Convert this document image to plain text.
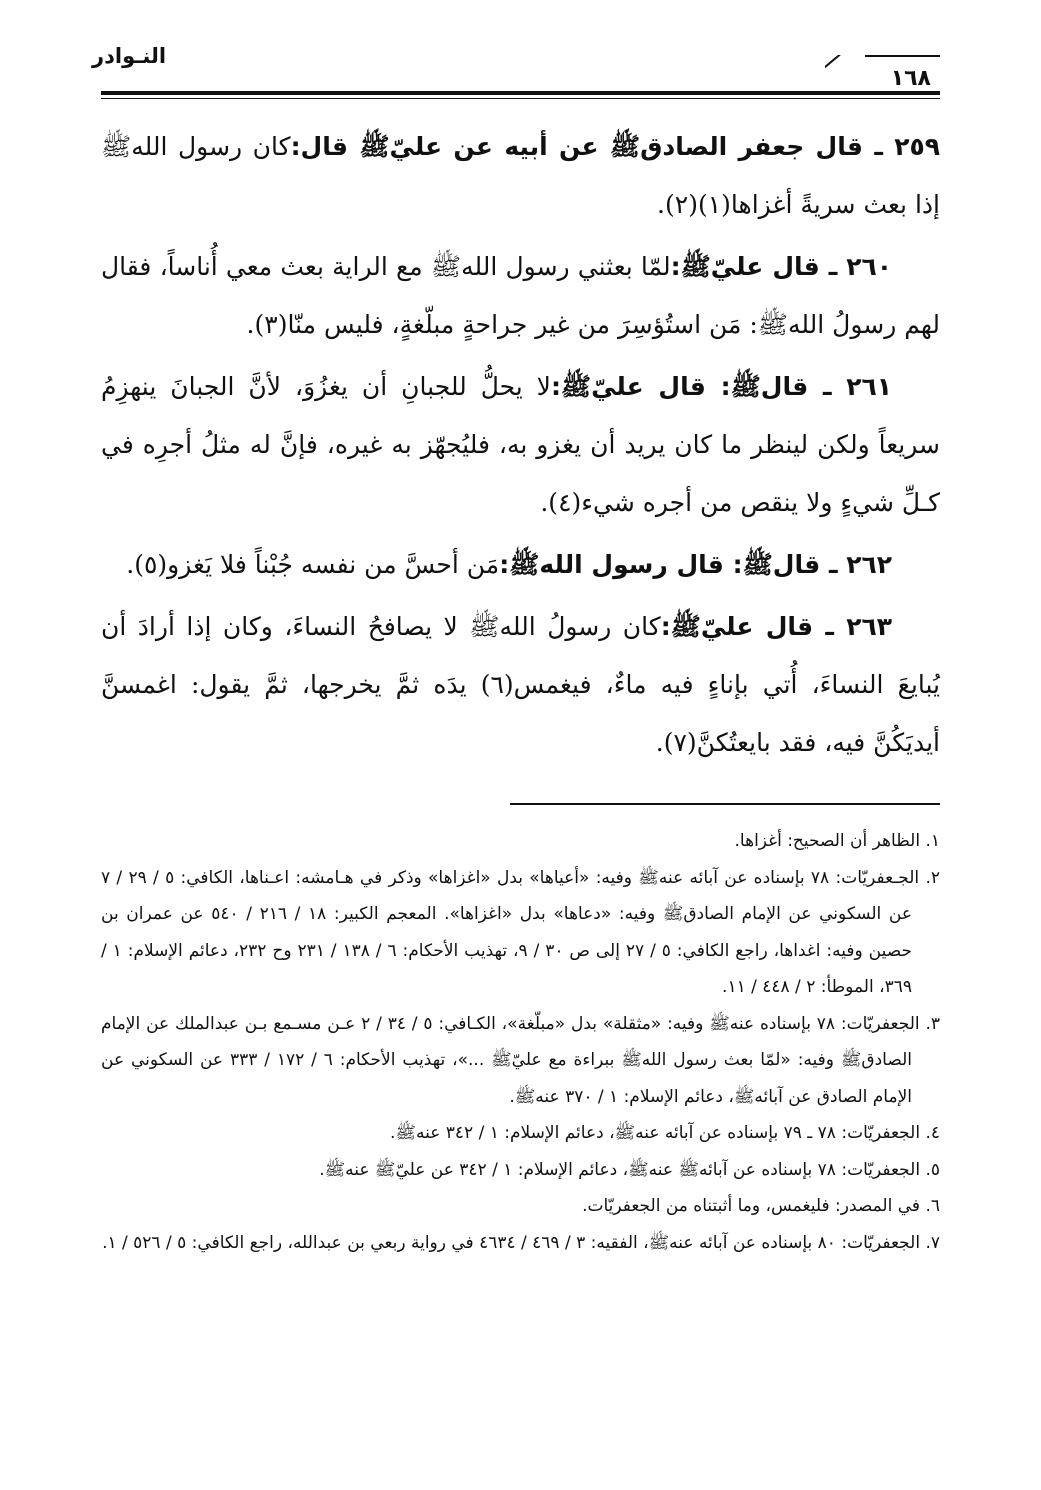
النـوادر
١٦٨

٢٥٩ ـ قال جعفر الصادقﷺ عن أبيه عن عليّﷺ قال:كان رسول اللهﷺ إذا بعث سريةً أغزاها(١)(٢).

٢٦٠ ـ قال عليّﷺ:لمّا بعثني رسول اللهﷺ مع الراية بعث معي أُناساً، فقال لهم رسولُ اللهﷺ: مَن استُؤسِرَ من غير جراحةٍ مبلّغةٍ، فليس منّا(٣).

٢٦١ ـ قالﷺ: قال عليّﷺ:لا يحلُّ للجبانِ أن يغزُوَ، لأنَّ الجبانَ ينهزِمُ سريعاً ولكن لينظر ما كان يريد أن يغزو به، فليُجهّز به غيره، فإنَّ له مثلُ أجرِه في كـلِّ شيءٍ ولا ينقص من أجره شيء(٤).

٢٦٢ ـ قالﷺ: قال رسول اللهﷺ:مَن أحسَّ من نفسه جُبْناً فلا يَغزو(٥).

٢٦٣ ـ قال عليّﷺ:كان رسولُ اللهﷺ لا يصافحُ النساءَ، وكان إذا أرادَ أن يُبايعَ النساءَ، أُتي بإناءٍ فيه ماءٌ، فيغمس(٦) يدَه ثمَّ يخرجها، ثمَّ يقول: اغمسنَّ أيديَكُنَّ فيه، فقد بايعتُكنَّ(٧).

١. الظاهر أن الصحيح: أغزاها.

٢. الجـعفريّات: ٧٨ بإسناده عن آبائه عنهﷺ وفيه: «أعياها» بدل «اغزاها» وذكر في هـامشه: اعـناها، الكافي: ٥ / ٢٩ / ٧ عن السكوني عن الإمام الصادقﷺ وفيه: «دعاها» بدل «اغزاها». المعجم الكبير: ١٨ / ٢١٦ / ٥٤٠ عن عمران بن حصين وفيه: اغداها، راجع الكافي: ٥ / ٢٧ إلى ص ٣٠ / ٩، تهذيب الأحكام: ٦ / ١٣٨ / ٢٣١ وح ٢٣٢، دعائم الإسلام: ١ / ٣٦٩، الموطأ: ٢ / ٤٤٨ / ١١.

٣. الجعفريّات: ٧٨ بإسناده عنهﷺ وفيه: «مثقلة» بدل «مبلّغة»، الكـافي: ٥ / ٣٤ / ٢ عـن مسـمع بـن عبدالملك عن الإمام الصادقﷺ وفيه: «لمّا بعث رسول اللهﷺ ببراءة مع عليّﷺ ...»، تهذيب الأحكام: ٦ / ١٧٢ / ٣٣٣ عن السكوني عن الإمام الصادق عن آبائهﷺ، دعائم الإسلام: ١ / ٣٧٠ عنهﷺ.

٤. الجعفريّات: ٧٨ ـ ٧٩ بإسناده عن آبائه عنهﷺ، دعائم الإسلام: ١ / ٣٤٢ عنهﷺ.

٥. الجعفريّات: ٧٨ بإسناده عن آبائهﷺ عنهﷺ، دعائم الإسلام: ١ / ٣٤٢ عن عليّﷺ عنهﷺ.

٦. في المصدر: فليغمس، وما أثبتناه من الجعفريّات.

٧. الجعفريّات: ٨٠ بإسناده عن آبائه عنهﷺ، الفقيه: ٣ / ٤٦٩ / ٤٦٣٤ في رواية ربعي بن عبدالله، راجع الكافي: ٥ / ٥٢٦ / ١.
